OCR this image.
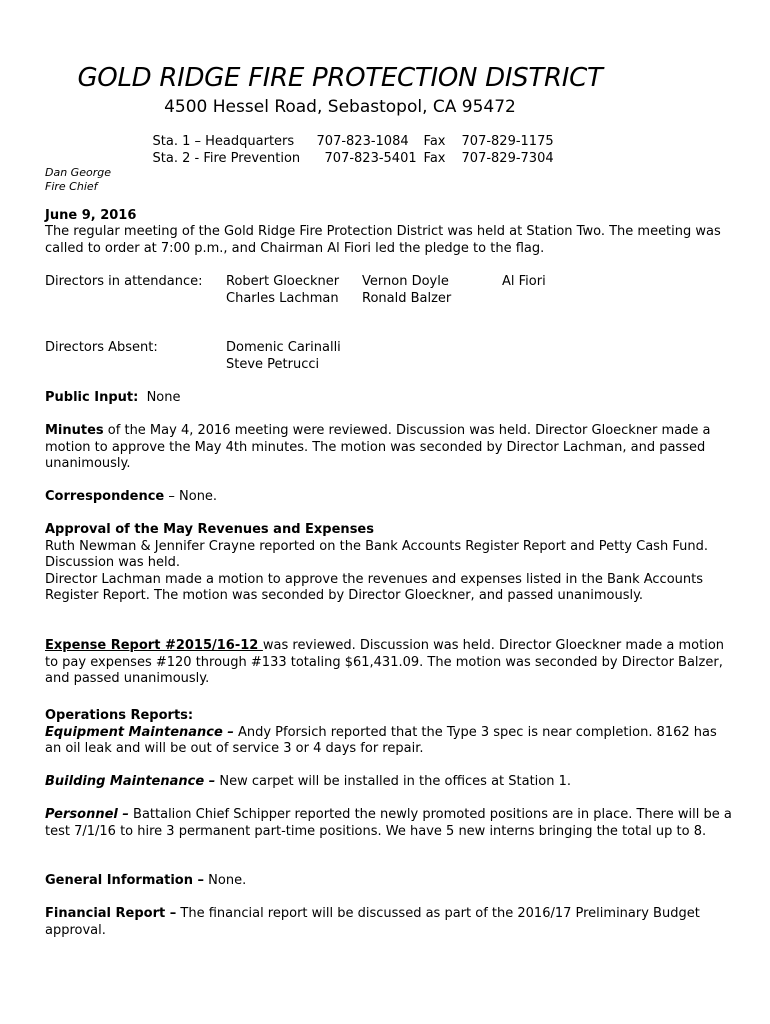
GOLD RIDGE FIRE PROTECTION DISTRICT
4500 Hessel Road, Sebastopol, CA 95472

Sta. 1 – Headquarters 707-823-1084 Fax 707-829-1175

Sta. 2 - Fire Prevention 707-823-5401 Fax 707-829-7304

Dan George
Fire Chief
June 9, 2016
The regular meeting of the Gold Ridge Fire Protection District was held at Station Two. The meeting was called to order at 7:00 p.m., and Chairman Al Fiori led the pledge to the flag.
Directors in attendance: Robert Gloeckner Vernon Doyle	Al Fiori
Charles Lachman Ronald Balzer
Directors Absent:	Domenic Carinalli
Steve Petrucci
Public Input: None
Minutes of the May 4, 2016 meeting were reviewed. Discussion was held. Director Gloeckner made a motion to approve the May 4th minutes. The motion was seconded by Director Lachman, and passed unanimously.
Correspondence – None.
Approval of the May Revenues and Expenses
Ruth Newman & Jennifer Crayne reported on the Bank Accounts Register Report and Petty Cash Fund. Discussion was held.
Director Lachman made a motion to approve the revenues and expenses listed in the Bank Accounts Register Report. The motion was seconded by Director Gloeckner, and passed unanimously.
Expense Report #2015/16-12 was reviewed. Discussion was held. Director Gloeckner made a motion to pay expenses #120 through #133 totaling $61,431.09. The motion was seconded by Director Balzer, and passed unanimously.
Operations Reports:
Equipment Maintenance – Andy Pforsich reported that the Type 3 spec is near completion. 8162 has an oil leak and will be out of service 3 or 4 days for repair.
Building Maintenance – New carpet will be installed in the offices at Station 1.
Personnel – Battalion Chief Schipper reported the newly promoted positions are in place. There will be a test 7/1/16 to hire 3 permanent part-time positions. We have 5 new interns bringing the total up to 8.
General Information – None.
Financial Report – The financial report will be discussed as part of the 2016/17 Preliminary Budget approval.
